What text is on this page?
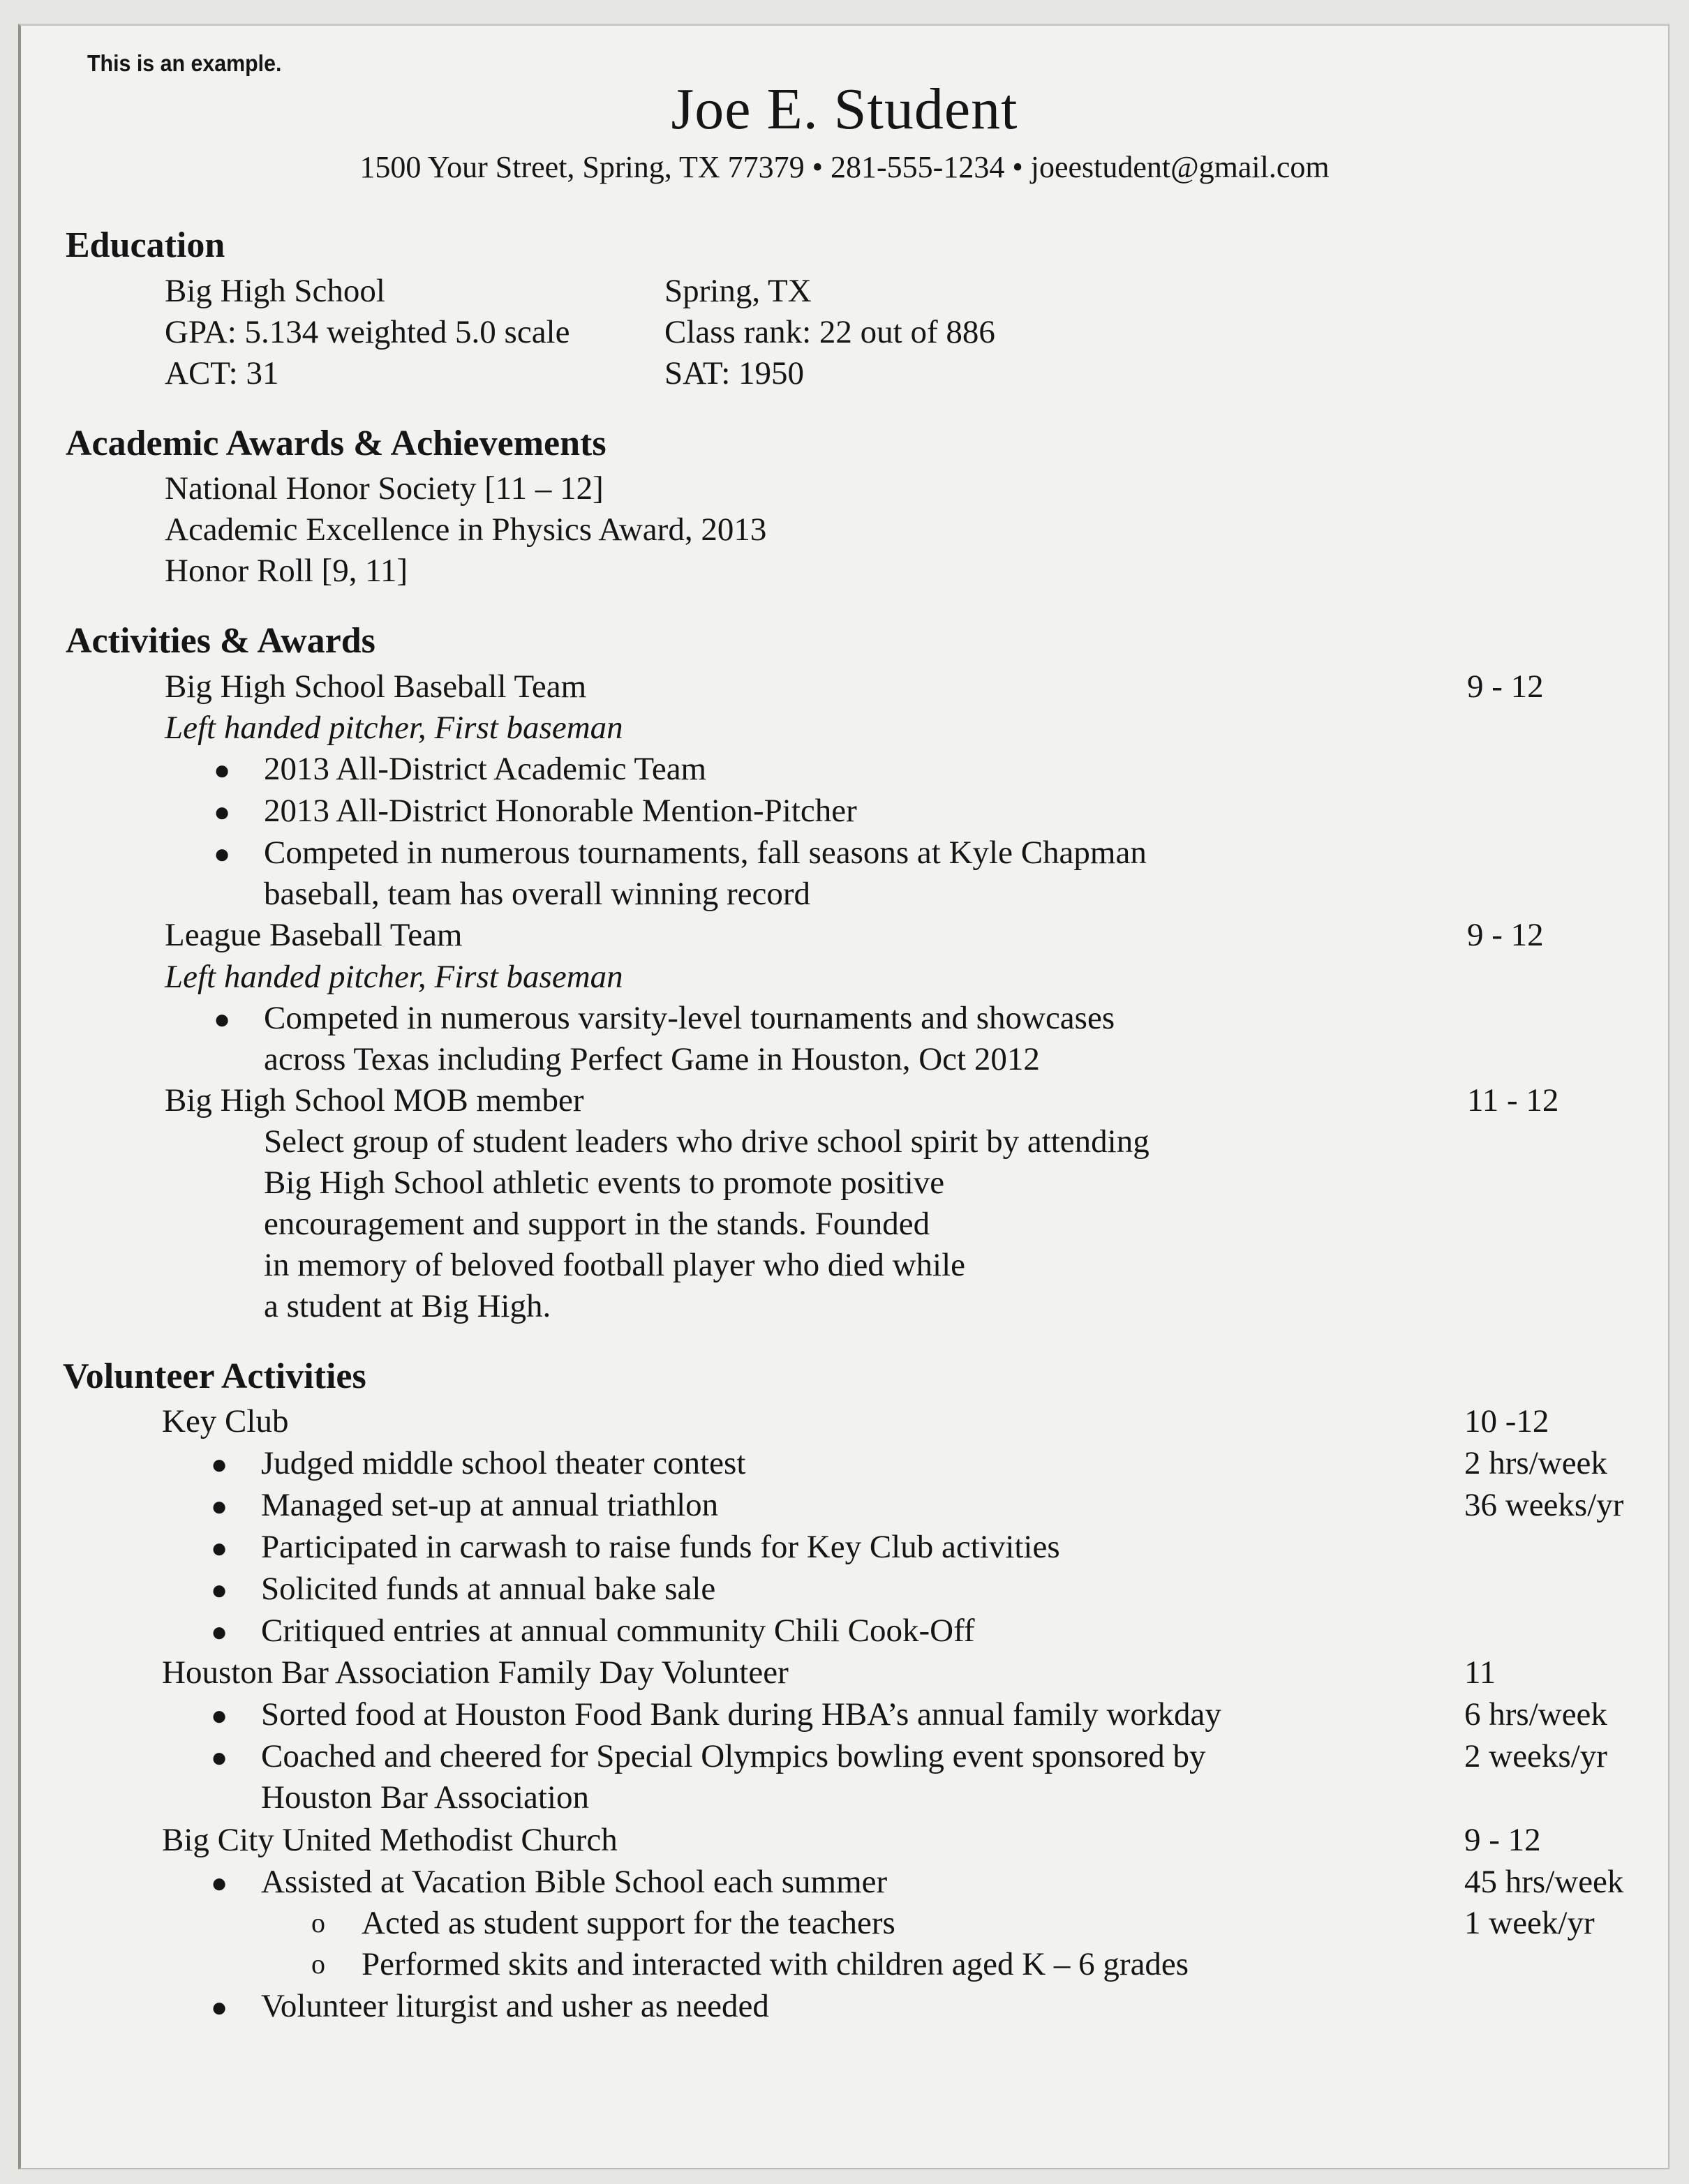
This is an example.
Joe E. Student
1500 Your Street, Spring, TX 77379 • 281-555-1234 • joeestudent@gmail.com
Education
Big High School	Spring, TX
GPA: 5.134 weighted 5.0 scale	Class rank: 22 out of 886
ACT: 31	SAT: 1950
Academic Awards & Achievements
National Honor Society [11 – 12]
Academic Excellence in Physics Award, 2013
Honor Roll [9, 11]
Activities & Awards
Big High School Baseball Team	9 - 12
Left handed pitcher, First baseman
● 2013 All-District Academic Team
● 2013 All-District Honorable Mention-Pitcher
● Competed in numerous tournaments, fall seasons at Kyle Chapman
baseball, team has overall winning record
League Baseball Team	9 - 12
Left handed pitcher, First baseman
● Competed in numerous varsity-level tournaments and showcases
across Texas including Perfect Game in Houston, Oct 2012
Big High School MOB member	11 - 12
Select group of student leaders who drive school spirit by attending
Big High School athletic events to promote positive
encouragement and support in the stands. Founded
in memory of beloved football player who died while
a student at Big High.
Volunteer Activities
Key Club	10 -12
● Judged middle school theater contest	2 hrs/week
● Managed set-up at annual triathlon	36 weeks/yr
● Participated in carwash to raise funds for Key Club activities
● Solicited funds at annual bake sale
● Critiqued entries at annual community Chili Cook-Off
Houston Bar Association Family Day Volunteer	11
● Sorted food at Houston Food Bank during HBA’s annual family workday	6 hrs/week
● Coached and cheered for Special Olympics bowling event sponsored by	2 weeks/yr
Houston Bar Association
Big City United Methodist Church	9 - 12
● Assisted at Vacation Bible School each summer	45 hrs/week
o Acted as student support for the teachers	1 week/yr
o Performed skits and interacted with children aged K – 6 grades
● Volunteer liturgist and usher as needed
